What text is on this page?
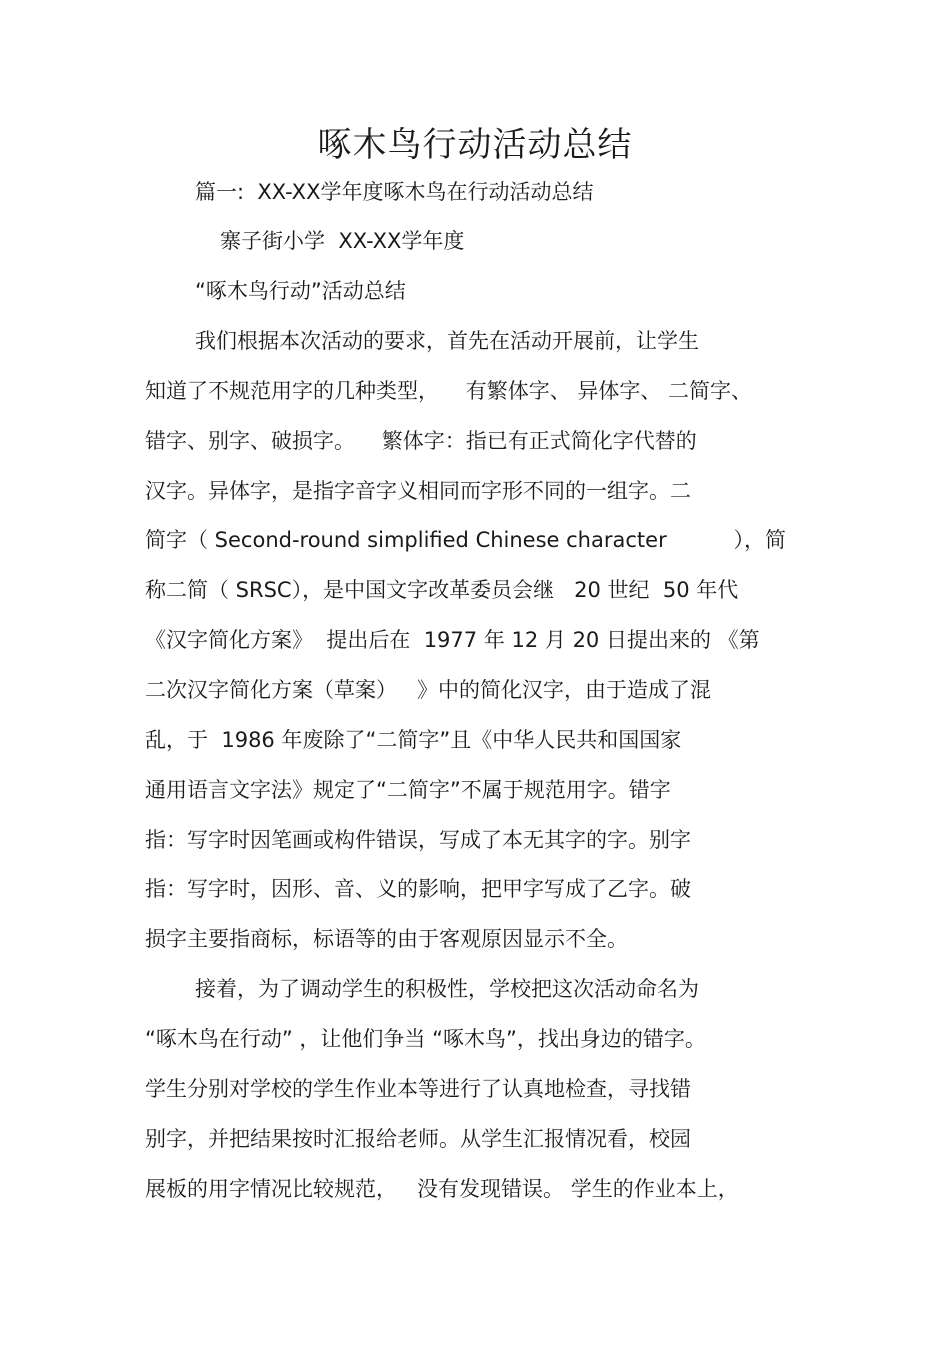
啄木鸟行动活动总结

篇一:  XX-XX学年度啄木鸟在行动活动总结

寨子街小学  XX-XX学年度

“啄木鸟行动”活动总结

我们根据本次活动的要求，首先在活动开展前，让学生

知道了不规范用字的几种类型，    有繁体字、 异体字、 二简字、

错字、别字、破损字。    繁体字：指已有正式简化字代替的

汉字。异体字，是指字音字义相同而字形不同的一组字。二

简字（ Second-round simplified Chinese character          ），简

称二简（ SRSC），是中国文字改革委员会继   20 世纪  50 年代

《汉字简化方案》  提出后在  1977 年 12 月 20 日提出来的 《第

二次汉字简化方案（草案）   》中的简化汉字，由于造成了混

乱，于  1986 年废除了“二简字”且《中华人民共和国国家

通用语言文字法》规定了“二简字”不属于规范用字。错字

指：写字时因笔画或构件错误，写成了本无其字的字。别字

指：写字时，因形、音、义的影响，把甲字写成了乙字。破

损字主要指商标，标语等的由于客观原因显示不全。

接着，为了调动学生的积极性，学校把这次活动命名为

“啄木鸟在行动” ，让他们争当 “啄木鸟”，找出身边的错字。

学生分别对学校的学生作业本等进行了认真地检查，寻找错

别字，并把结果按时汇报给老师。从学生汇报情况看，校园

展板的用字情况比较规范，   没有发现错误。 学生的作业本上，
